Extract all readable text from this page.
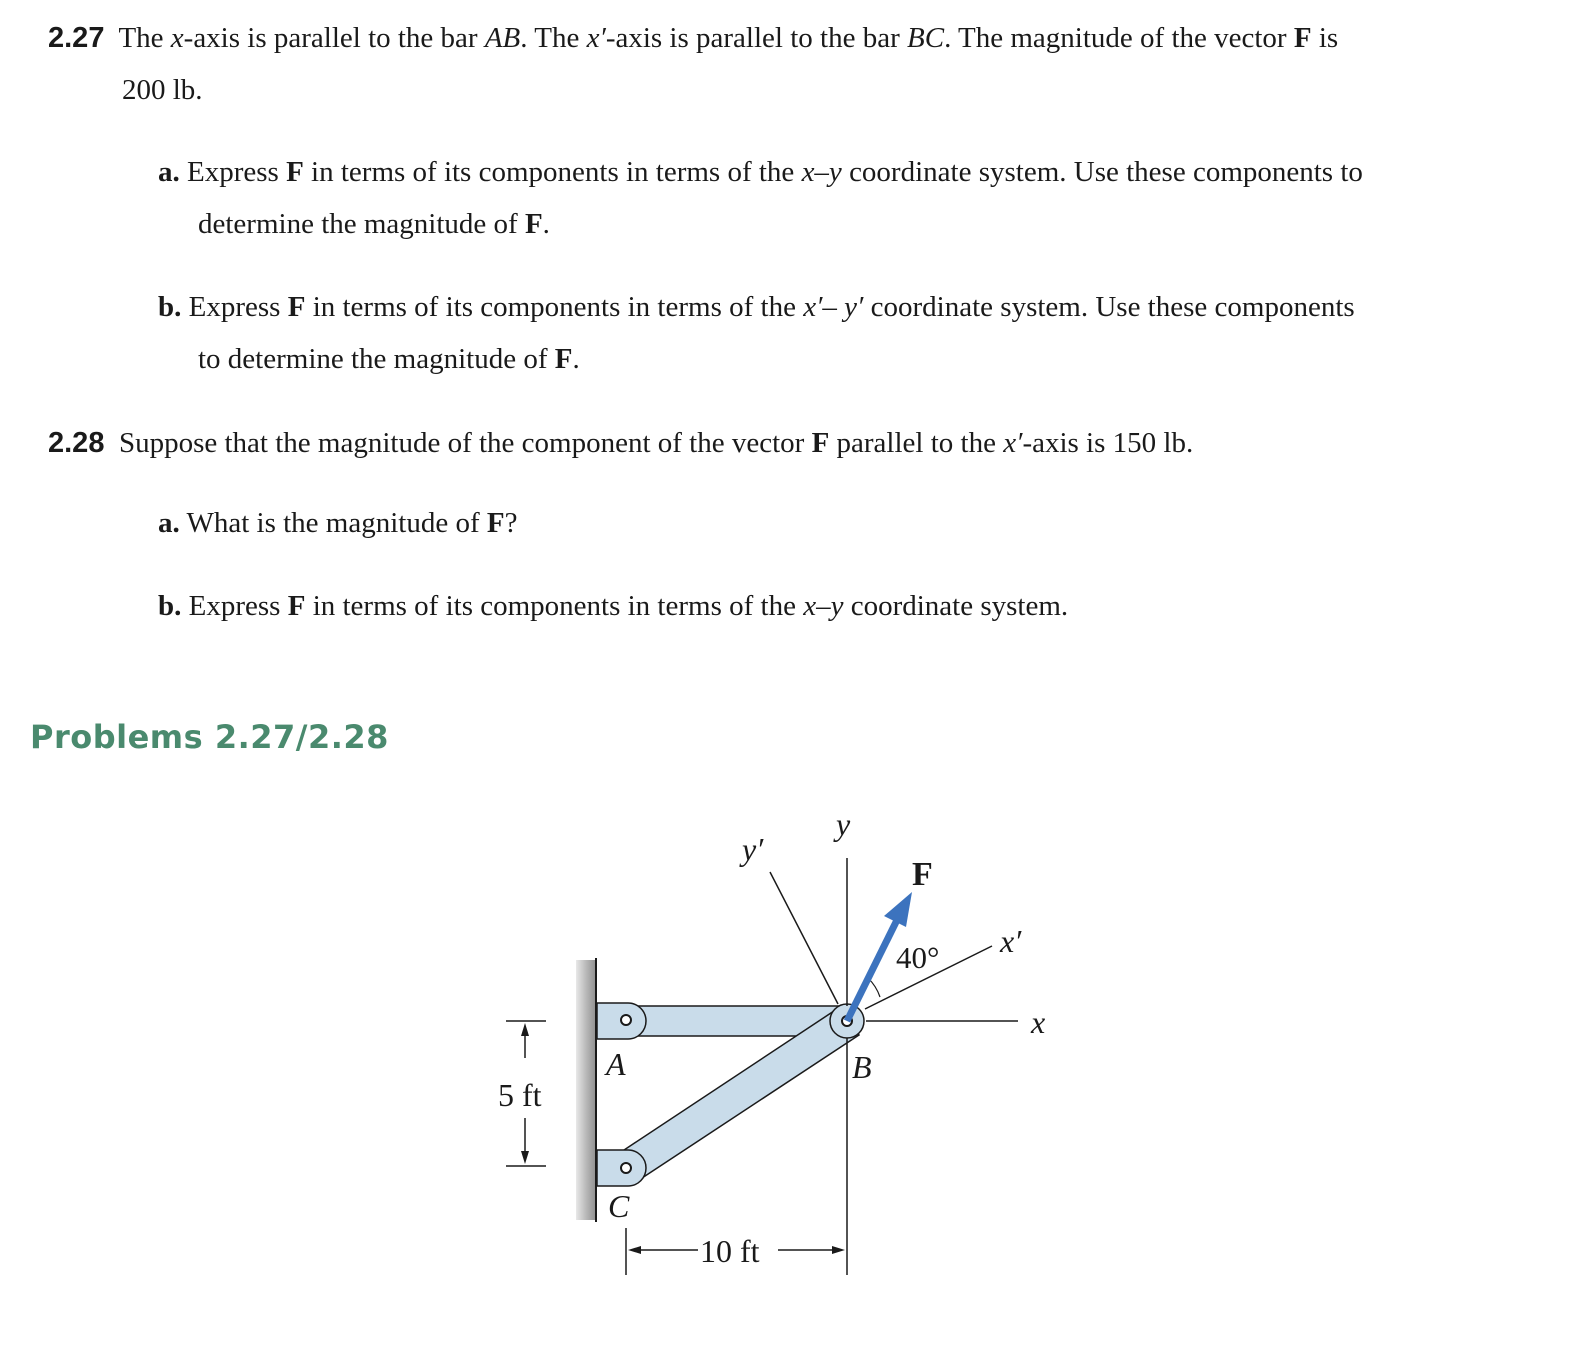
2.27 The x-axis is parallel to the bar AB. The x′-axis is parallel to the bar BC. The magnitude of the vector F is
200 lb.
a. Express F in terms of its components in terms of the x–y coordinate system. Use these components to
determine the magnitude of F.
b. Express F in terms of its components in terms of the x′– y′ coordinate system. Use these components
to determine the magnitude of F.
2.28 Suppose that the magnitude of the component of the vector F parallel to the x′-axis is 150 lb.
a. What is the magnitude of F?
b. Express F in terms of its components in terms of the x–y coordinate system.
Problems 2.27/2.28
y
y′
F
40° x′
x
A	B
C
5 ft
10 ft
